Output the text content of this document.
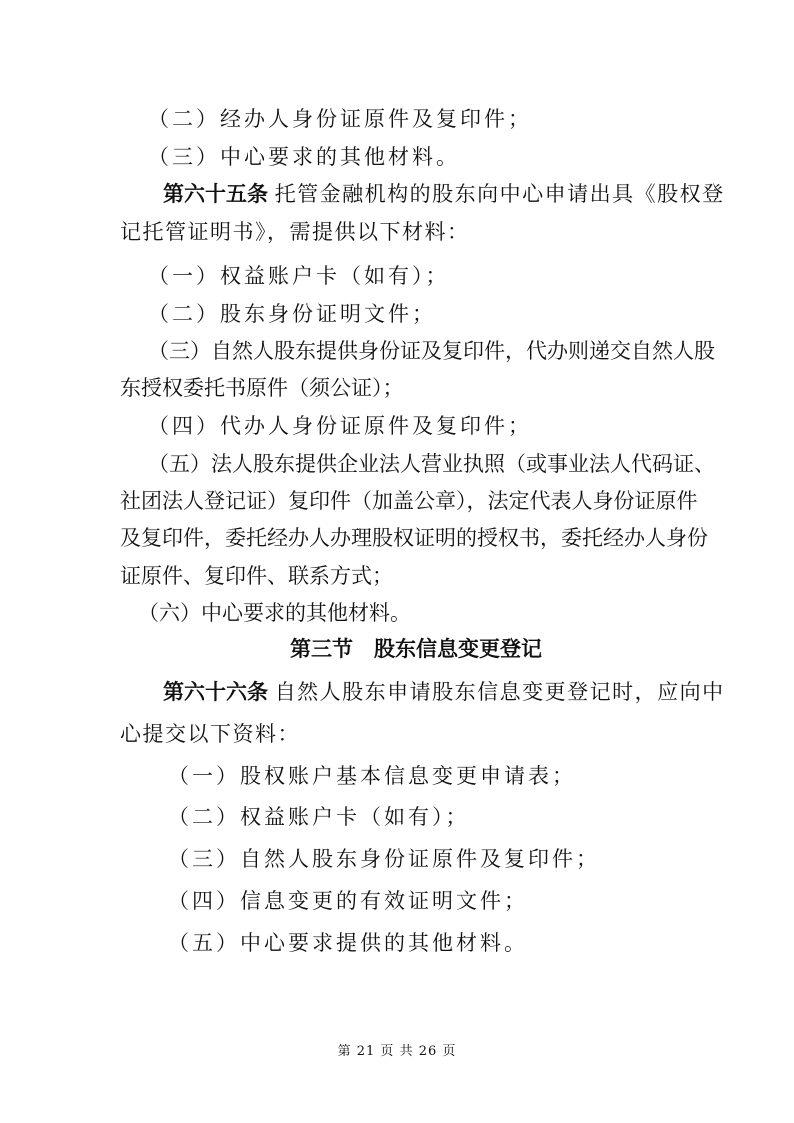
（二）经办人身份证原件及复印件；
（三）中心要求的其他材料。
第六十五条 托管金融机构的股东向中心申请出具《股权登
记托管证明书》，需提供以下材料：
（一）权益账户卡（如有）；
（二）股东身份证明文件；
（三）自然人股东提供身份证及复印件，代办则递交自然人股
东授权委托书原件（须公证）；
（四）代办人身份证原件及复印件；
（五）法人股东提供企业法人营业执照（或事业法人代码证、
社团法人登记证）复印件（加盖公章），法定代表人身份证原件
及复印件，委托经办人办理股权证明的授权书，委托经办人身份
证原件、复印件、联系方式；
（六）中心要求的其他材料。
第三节　股东信息变更登记
第六十六条 自然人股东申请股东信息变更登记时，应向中
心提交以下资料：
（一）股权账户基本信息变更申请表；
（二）权益账户卡（如有）；
（三）自然人股东身份证原件及复印件；
（四）信息变更的有效证明文件；
（五）中心要求提供的其他材料。
第 21 页 共 26 页
